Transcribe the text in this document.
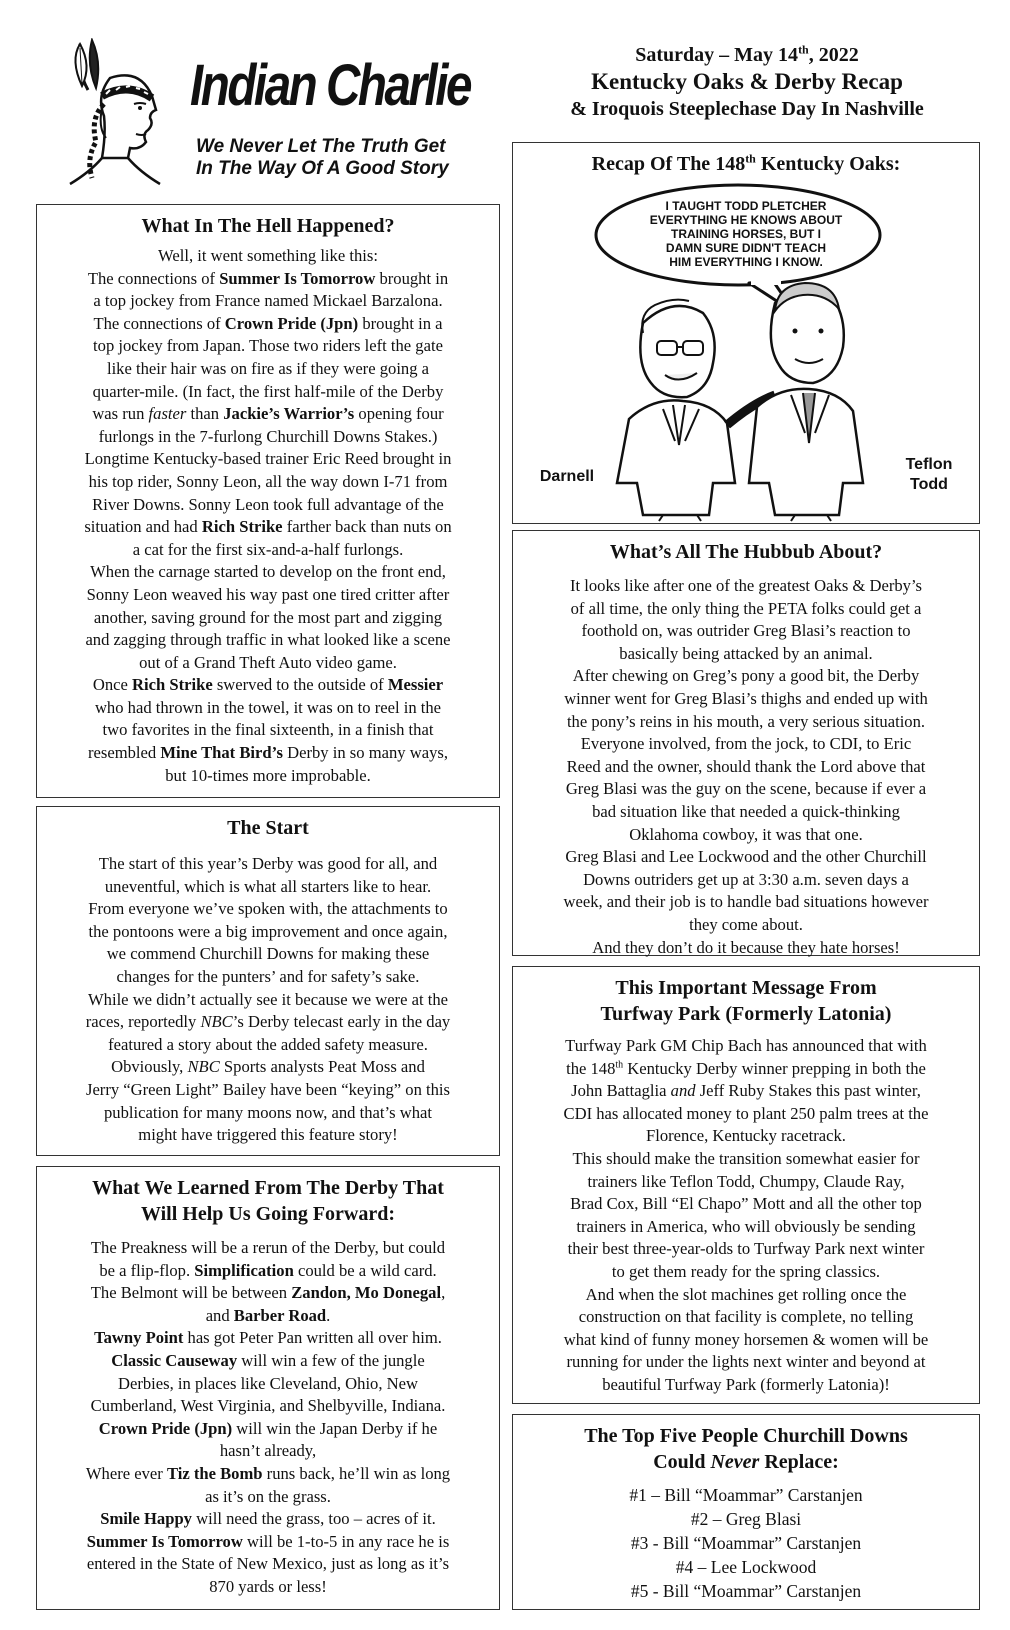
Indian Charlie
We Never Let The Truth Get
In The Way Of A Good Story
Saturday – May 14th, 2022
Kentucky Oaks & Derby Recap
& Iroquois Steeplechase Day In Nashville
Recap Of The 148th Kentucky Oaks:
I TAUGHT TODD PLETCHER
EVERYTHING HE KNOWS ABOUT
TRAINING HORSES, BUT I
DAMN SURE DIDN'T TEACH
HIM EVERYTHING I KNOW.
Darnell
Teflon
Todd
What In The Hell Happened?

Well, it went something like this:

The connections of Summer Is Tomorrow brought in

a top jockey from France named Mickael Barzalona.

The connections of Crown Pride (Jpn) brought in a

top jockey from Japan. Those two riders left the gate

like their hair was on fire as if they were going a

quarter-mile. (In fact, the first half-mile of the Derby

was run faster than Jackie’s Warrior’s opening four

furlongs in the 7-furlong Churchill Downs Stakes.)

Longtime Kentucky-based trainer Eric Reed brought in

his top rider, Sonny Leon, all the way down I-71 from

River Downs. Sonny Leon took full advantage of the

situation and had Rich Strike farther back than nuts on

a cat for the first six-and-a-half furlongs.

When the carnage started to develop on the front end,

Sonny Leon weaved his way past one tired critter after

another, saving ground for the most part and zigging

and zagging through traffic in what looked like a scene

out of a Grand Theft Auto video game.

Once Rich Strike swerved to the outside of Messier

who had thrown in the towel, it was on to reel in the

two favorites in the final sixteenth, in a finish that

resembled Mine That Bird’s Derby in so many ways,

but 10-times more improbable.

The Start

The start of this year’s Derby was good for all, and

uneventful, which is what all starters like to hear.

From everyone we’ve spoken with, the attachments to

the pontoons were a big improvement and once again,

we commend Churchill Downs for making these

changes for the punters’ and for safety’s sake.

While we didn’t actually see it because we were at the

races, reportedly NBC’s Derby telecast early in the day

featured a story about the added safety measure.

Obviously, NBC Sports analysts Peat Moss and

Jerry “Green Light” Bailey have been “keying” on this

publication for many moons now, and that’s what

might have triggered this feature story!

What We Learned From The Derby That
Will Help Us Going Forward:

The Preakness will be a rerun of the Derby, but could

be a flip-flop. Simplification could be a wild card.

The Belmont will be between Zandon, Mo Donegal,

and Barber Road.

Tawny Point has got Peter Pan written all over him.

Classic Causeway will win a few of the jungle

Derbies, in places like Cleveland, Ohio, New

Cumberland, West Virginia, and Shelbyville, Indiana.

Crown Pride (Jpn) will win the Japan Derby if he

hasn’t already,

Where ever Tiz the Bomb runs back, he’ll win as long

as it’s on the grass.

Smile Happy will need the grass, too – acres of it.

Summer Is Tomorrow will be 1-to-5 in any race he is

entered in the State of New Mexico, just as long as it’s

870 yards or less!

What’s All The Hubbub About?

It looks like after one of the greatest Oaks & Derby’s

of all time, the only thing the PETA folks could get a

foothold on, was outrider Greg Blasi’s reaction to

basically being attacked by an animal.

After chewing on Greg’s pony a good bit, the Derby

winner went for Greg Blasi’s thighs and ended up with

the pony’s reins in his mouth, a very serious situation.

Everyone involved, from the jock, to CDI, to Eric

Reed and the owner, should thank the Lord above that

Greg Blasi was the guy on the scene, because if ever a

bad situation like that needed a quick-thinking

Oklahoma cowboy, it was that one.

Greg Blasi and Lee Lockwood and the other Churchill

Downs outriders get up at 3:30 a.m. seven days a

week, and their job is to handle bad situations however

they come about.

And they don’t do it because they hate horses!

This Important Message From
Turfway Park (Formerly Latonia)

Turfway Park GM Chip Bach has announced that with

the 148th Kentucky Derby winner prepping in both the

John Battaglia and Jeff Ruby Stakes this past winter,

CDI has allocated money to plant 250 palm trees at the

Florence, Kentucky racetrack.

This should make the transition somewhat easier for

trainers like Teflon Todd, Chumpy, Claude Ray,

Brad Cox, Bill “El Chapo” Mott and all the other top

trainers in America, who will obviously be sending

their best three-year-olds to Turfway Park next winter

to get them ready for the spring classics.

And when the slot machines get rolling once the

construction on that facility is complete, no telling

what kind of funny money horsemen & women will be

running for under the lights next winter and beyond at

beautiful Turfway Park (formerly Latonia)!

The Top Five People Churchill Downs
Could Never Replace:
#1 – Bill “Moammar” Carstanjen
#2 – Greg Blasi
#3 - Bill “Moammar” Carstanjen
#4 – Lee Lockwood
#5 - Bill “Moammar” Carstanjen
